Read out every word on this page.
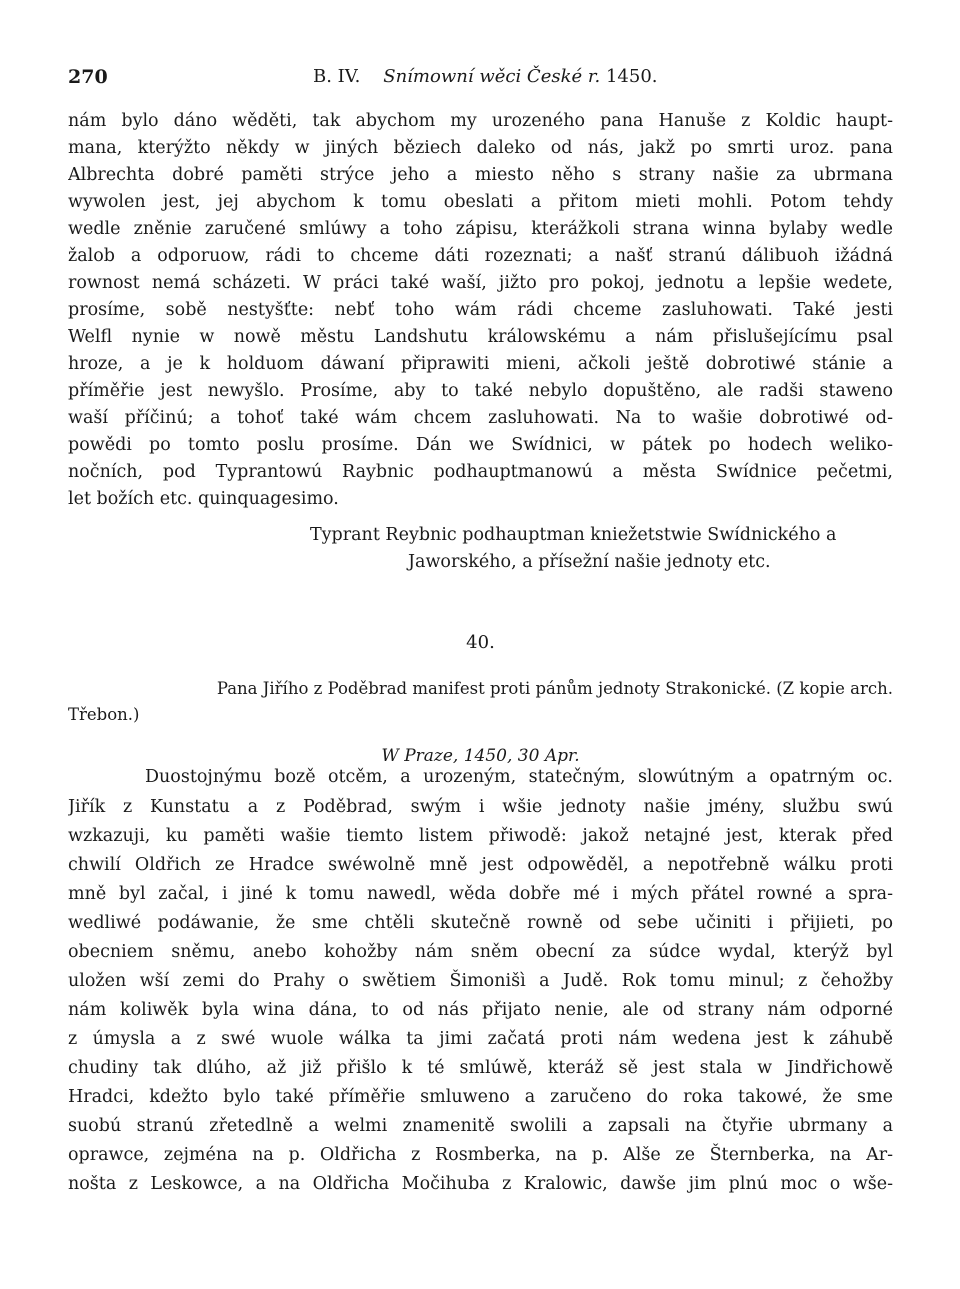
270	B. IV. Snímowní wěci České r. 1450.
nám bylo dáno wěděti, tak abychom my urozeného pana Hanuše z Koldic haupt-
mana, kterýžto někdy w jiných běziech daleko od nás, jakž po smrti uroz. pana
Albrechta dobré paměti strýce jeho a miesto něho s strany našie za ubrmana
wywolen jest, jej abychom k tomu obeslati a přitom mieti mohli. Potom tehdy
wedle zněnie zaručené smlúwy a toho zápisu, kterážkoli strana winna bylaby wedle
žalob a odporuow, rádi to chceme dáti rozeznati; a našť stranú dálibuoh ižádná
rownost nemá scházeti. W práci také waší, jižto pro pokoj, jednotu a lepšie wedete,
prosíme, sobě nestyšťte: nebť toho wám rádi chceme zasluhowati. Také jesti
Welfl nynie w nowě městu Landshutu králowskému a nám přislušejícímu psal
hroze, a je k holduom dáwaní připrawiti mieni, ačkoli ještě dobrotiwé stánie a
příměřie jest newyšlo. Prosíme, aby to také nebylo dopuštěno, ale radši staweno
waší příčinú; a tohoť také wám chcem zasluhowati. Na to wašie dobrotiwé od-
powědi po tomto poslu prosíme. Dán we Swídnici, w pátek po hodech weliko-
nočních, pod Typrantowú Raybnic podhauptmanowú a města Swídnice pečetmi,
let božích etc. quinquagesimo.
Typrant Reybnic podhauptman kniežetstwie Swídnického a
Jaworského, a přísežní našie jednoty etc.
40.
Pana Jiřího z Poděbrad manifest proti pánům jednoty Strakonické. (Z kopie arch.
Třebon.)
W Praze, 1450, 30 Apr.
Duostojnýmu bozě otcěm, a urozeným, statečným, slowútným a opatrným oc.
Jiřík z Kunstatu a z Poděbrad, swým i wšie jednoty našie jmény, službu swú
wzkazuji, ku paměti wašie tiemto listem přiwodě: jakož netajné jest, kterak před
chwilí Oldřich ze Hradce swéwolně mně jest odpowěděl, a nepotřebně wálku proti
mně byl začal, i jiné k tomu nawedl, wěda dobře mé i mých přátel rowné a spra-
wedliwé podáwanie, že sme chtěli skutečně rowně od sebe učiniti i přijieti, po
obecniem sněmu, anebo kohožby nám sněm obecní za súdce wydal, kterýž byl
uložen wší zemi do Prahy o swětiem Šimonišì a Judě. Rok tomu minul; z čehožby
nám koliwěk byla wina dána, to od nás přijato nenie, ale od strany nám odporné
z úmysla a z swé wuole wálka ta jimi začatá proti nám wedena jest k záhubě
chudiny tak dlúho, až již přišlo k té smlúwě, kteráž sě jest stala w Jindřichowě
Hradci, kdežto bylo také příměřie smluweno a zaručeno do roka takowé, že sme
suobú stranú zřetedlně a welmi znamenitě swolili a zapsali na čtyřie ubrmany a
oprawce, zejména na p. Oldřicha z Rosmberka, na p. Alše ze Šternberka, na Ar-
nošta z Leskowce, a na Oldřicha Močihuba z Kralowic, dawše jim plnú moc o wše-
